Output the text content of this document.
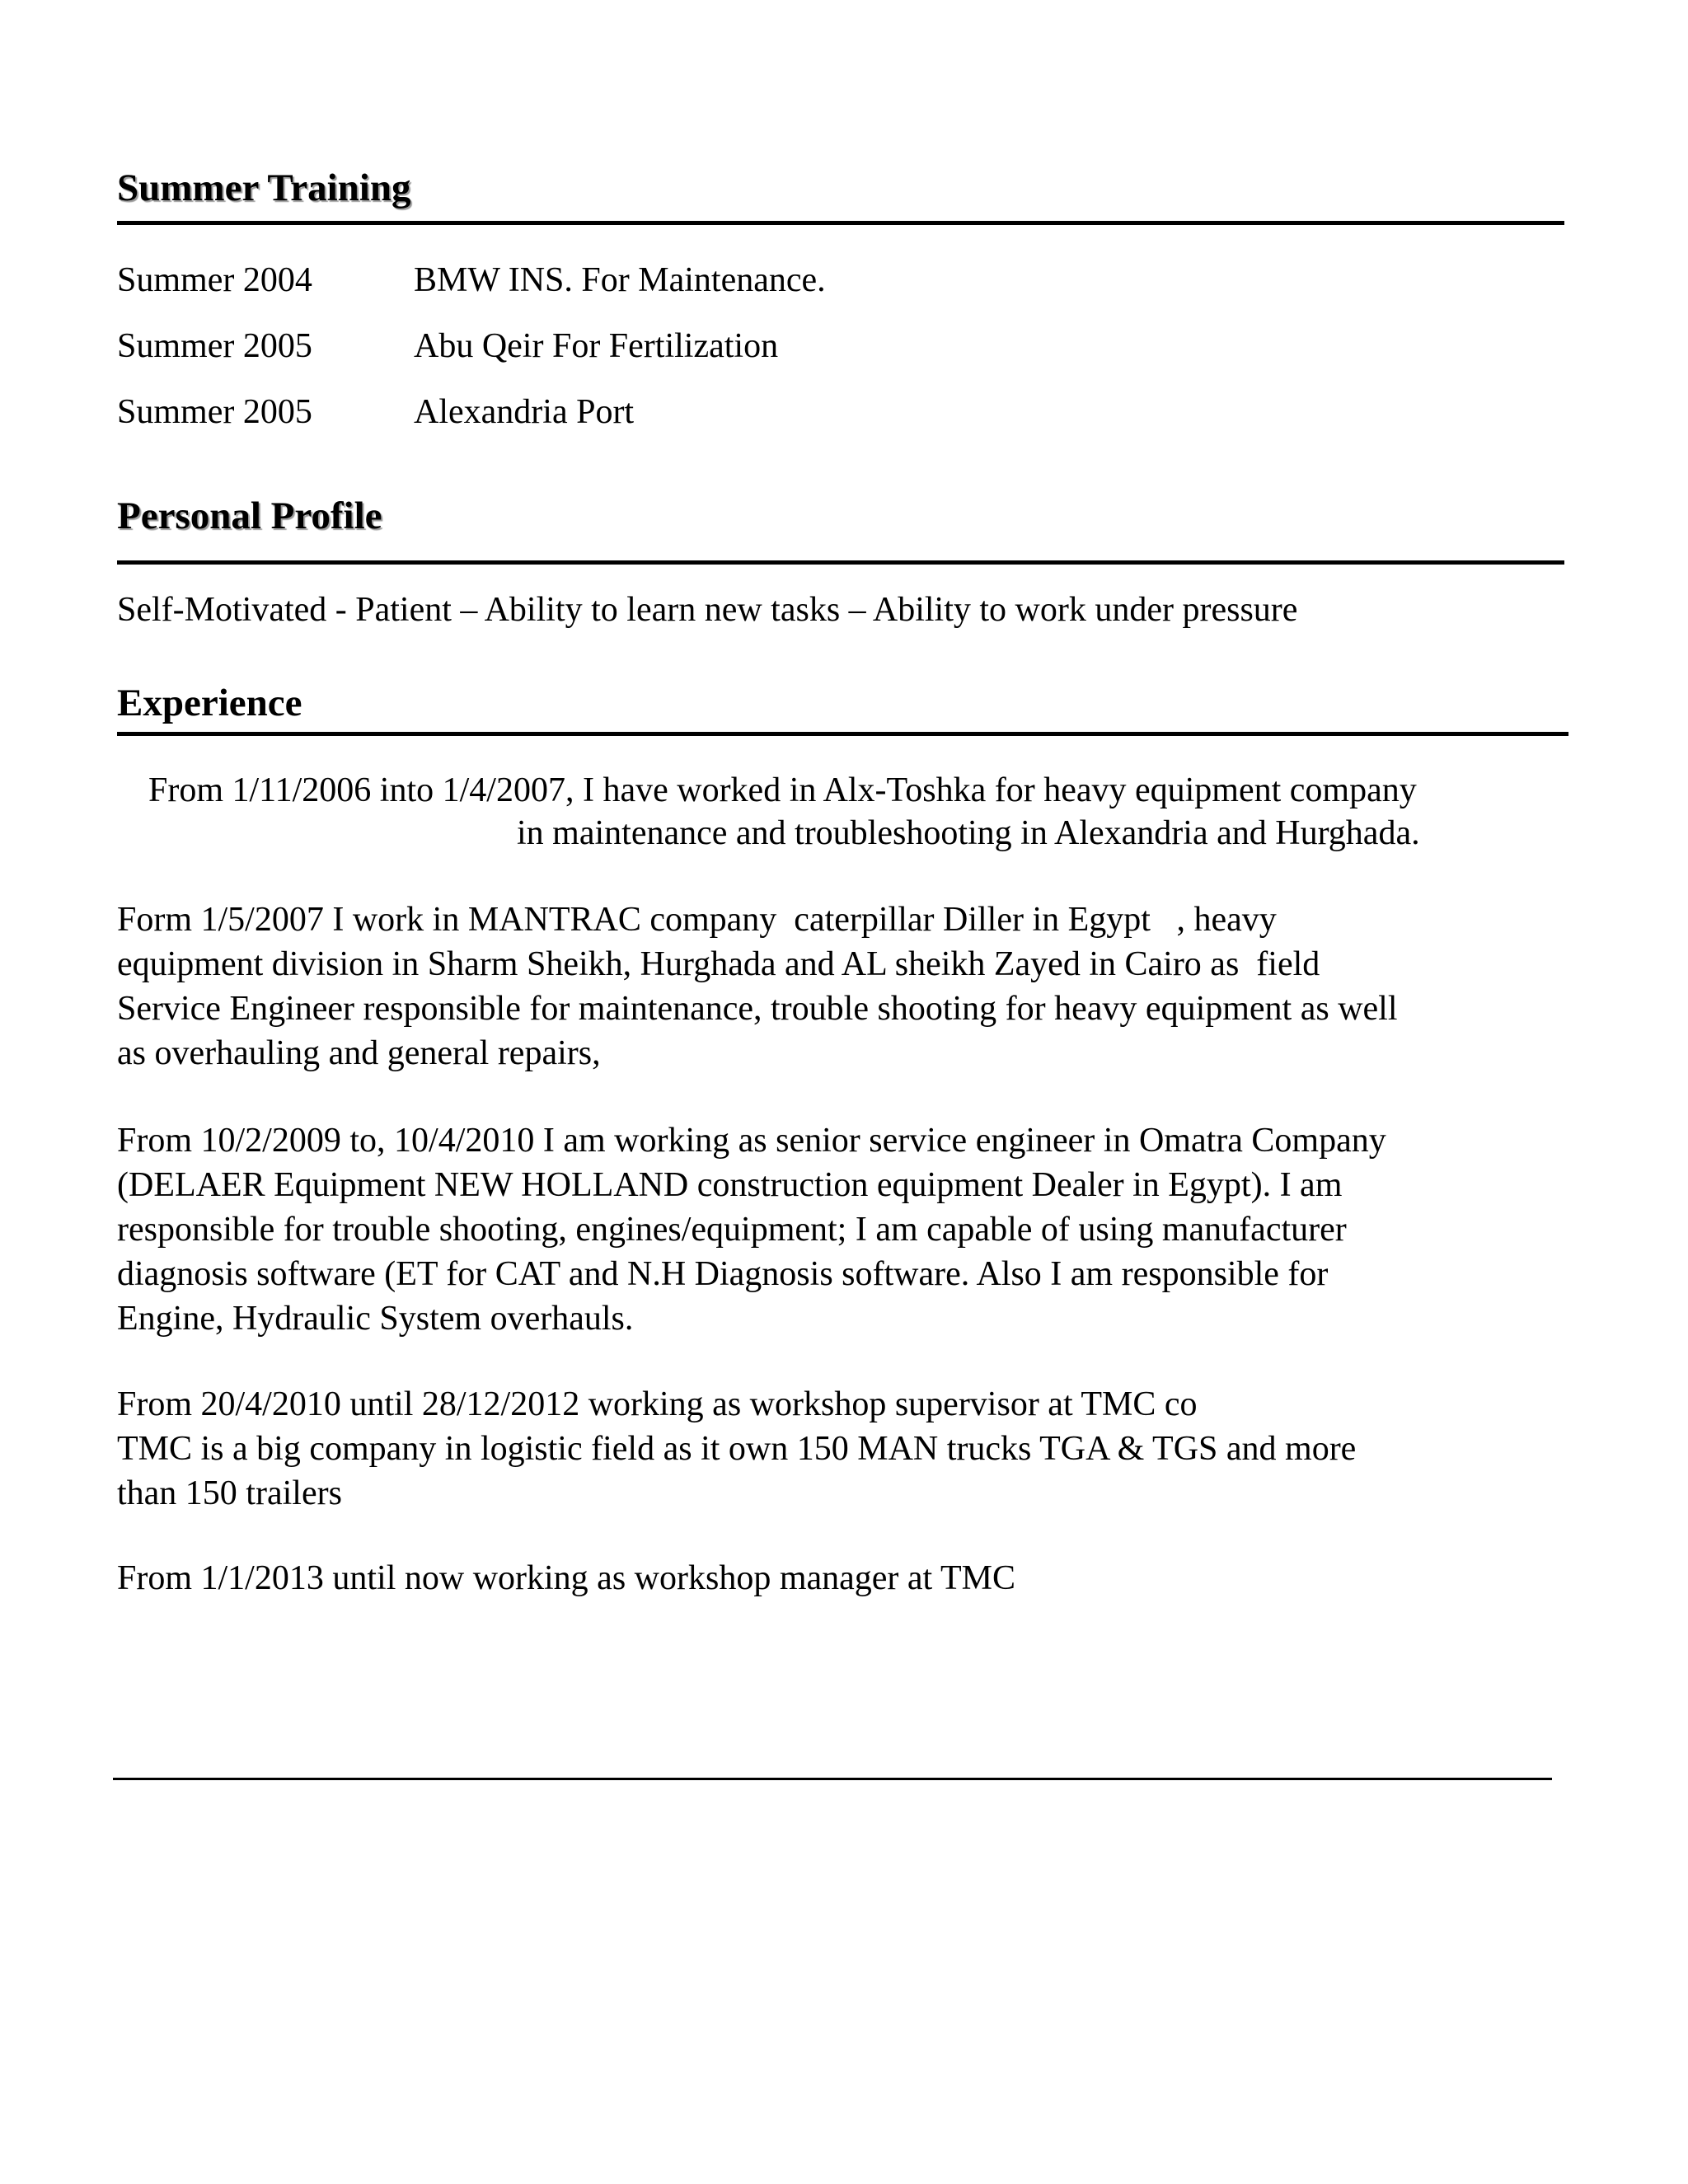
Summer Training
Summer 2004	BMW INS. For Maintenance.
Summer 2005	Abu Qeir For Fertilization
Summer 2005	Alexandria Port
Personal Profile
Self-Motivated - Patient – Ability to learn new tasks – Ability to work under pressure
Experience
From 1/11/2006 into 1/4/2007, I have worked in Alx-Toshka for heavy equipment company
in maintenance and troubleshooting in Alexandria and Hurghada.
Form 1/5/2007 I work in MANTRAC company  caterpillar Diller in Egypt   , heavy
equipment division in Sharm Sheikh, Hurghada and AL sheikh Zayed in Cairo as  field
Service Engineer responsible for maintenance, trouble shooting for heavy equipment as well
as overhauling and general repairs,
From 10/2/2009 to, 10/4/2010 I am working as senior service engineer in Omatra Company
(DELAER Equipment NEW HOLLAND construction equipment Dealer in Egypt). I am
responsible for trouble shooting, engines/equipment; I am capable of using manufacturer
diagnosis software (ET for CAT and N.H Diagnosis software. Also I am responsible for
Engine, Hydraulic System overhauls.
From 20/4/2010 until 28/12/2012 working as workshop supervisor at TMC co
TMC is a big company in logistic field as it own 150 MAN trucks TGA & TGS and more
than 150 trailers
From 1/1/2013 until now working as workshop manager at TMC
